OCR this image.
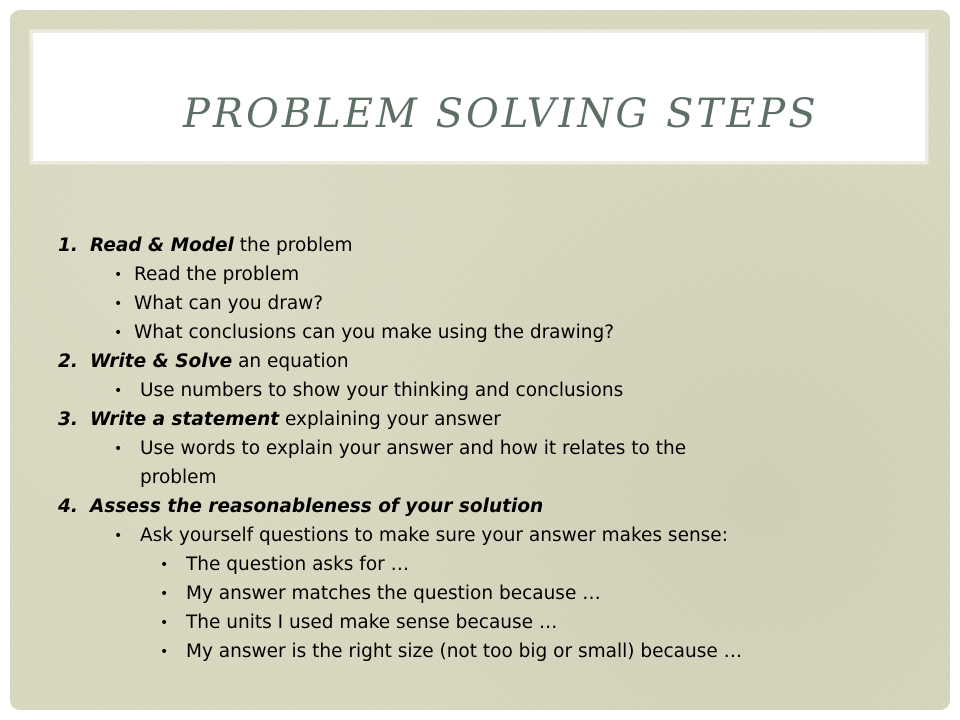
PROBLEM SOLVING STEPS
1. Read & Model the problem
• Read the problem
• What can you draw?
• What conclusions can you make using the drawing?
2. Write & Solve an equation
• Use numbers to show your thinking and conclusions
3. Write a statement explaining your answer
• Use words to explain your answer and how it relates to the
problem
4. Assess the reasonableness of your solution
• Ask yourself questions to make sure your answer makes sense:
• The question asks for …
• My answer matches the question because …
• The units I used make sense because …
• My answer is the right size (not too big or small) because …
